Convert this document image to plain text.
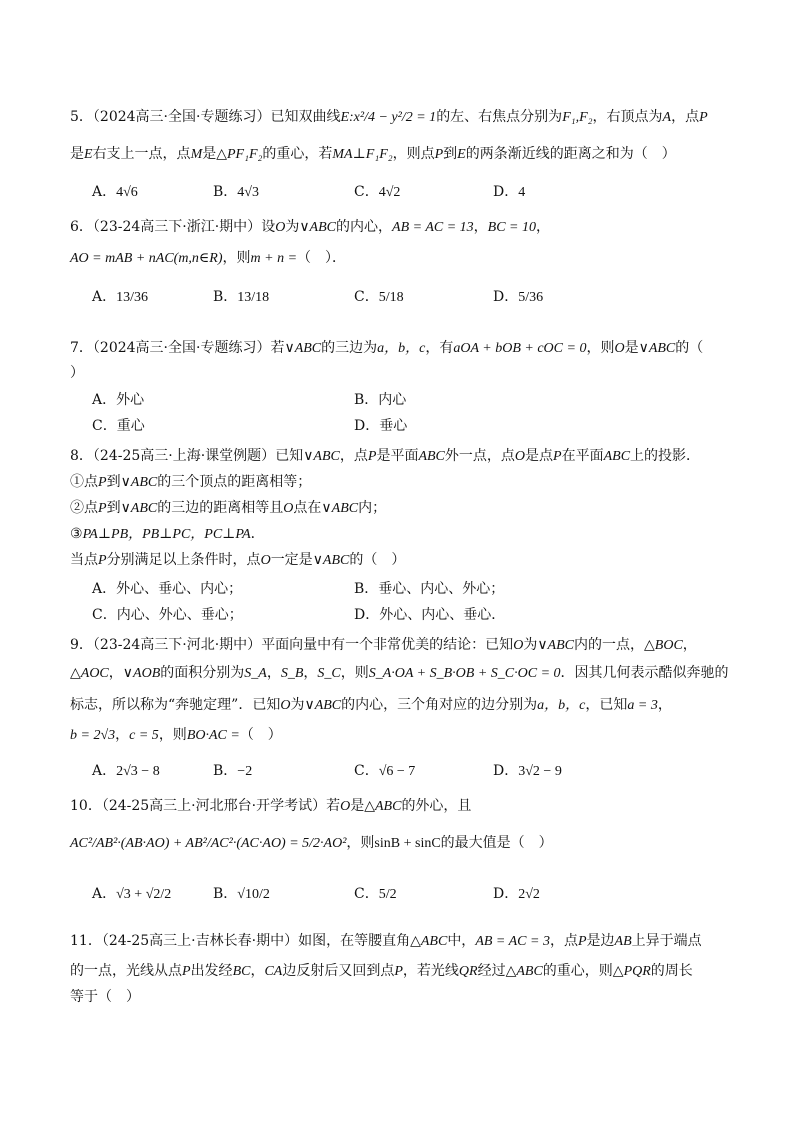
5．（2024高三·全国·专题练习）已知双曲线E:x²/4 − y²/2 = 1的左、右焦点分别为F₁,F₂，右顶点为A，点P
是E右支上一点，点M是△PF₁F₂的重心，若MA⊥F₁F₂，则点P到E的两条渐近线的距离之和为（　）
A．4√6	B．4√3	C．4√2	D．4
6．（23-24高三下·浙江·期中）设O为∨ABC的内心，AB = AC = 13，BC = 10，
AO = mAB + nAC(m,n∈R)，则m + n =（　）．
A．13/36	B．13/18	C．5/18	D．5/36
7．（2024高三·全国·专题练习）若∨ABC的三边为a，b，c，有aOA + bOB + cOC = 0，则O是∨ABC的（
）
A．外心	B．内心
C．重心	D．垂心
8．（24-25高三·上海·课堂例题）已知∨ABC，点P是平面ABC外一点，点O是点P在平面ABC上的投影．
①点P到∨ABC的三个顶点的距离相等；
②点P到∨ABC的三边的距离相等且O点在∨ABC内；
③PA⊥PB，PB⊥PC，PC⊥PA．
当点P分别满足以上条件时，点O一定是∨ABC的（　）
A．外心、垂心、内心；	B．垂心、内心、外心；
C．内心、外心、垂心；	D．外心、内心、垂心．
9．（23-24高三下·河北·期中）平面向量中有一个非常优美的结论：已知O为∨ABC内的一点，△BOC，
△AOC，∨AOB的面积分别为S_A，S_B，S_C，则S_A·OA + S_B·OB + S_C·OC = 0．因其几何表示酷似奔驰的
标志，所以称为“奔驰定理”．已知O为∨ABC的内心，三个角对应的边分别为a，b，c，已知a = 3，
b = 2√3，c = 5，则BO·AC =（　）
A．2√3 − 8	B．−2	C．√6 − 7	D．3√2 − 9
10．（24-25高三上·河北邢台·开学考试）若O是△ABC的外心，且
AC²/AB²·(AB·AO) + AB²/AC²·(AC·AO) = 5/2·AO²，则sinB + sinC的最大值是（　）
A．√3 + √2/2	B．√10/2	C．5/2	D．2√2
11．（24-25高三上·吉林长春·期中）如图，在等腰直角△ABC中，AB = AC = 3，点P是边AB上异于端点
的一点，光线从点P出发经BC，CA边反射后又回到点P，若光线QR经过△ABC的重心，则△PQR的周长
等于（　）
